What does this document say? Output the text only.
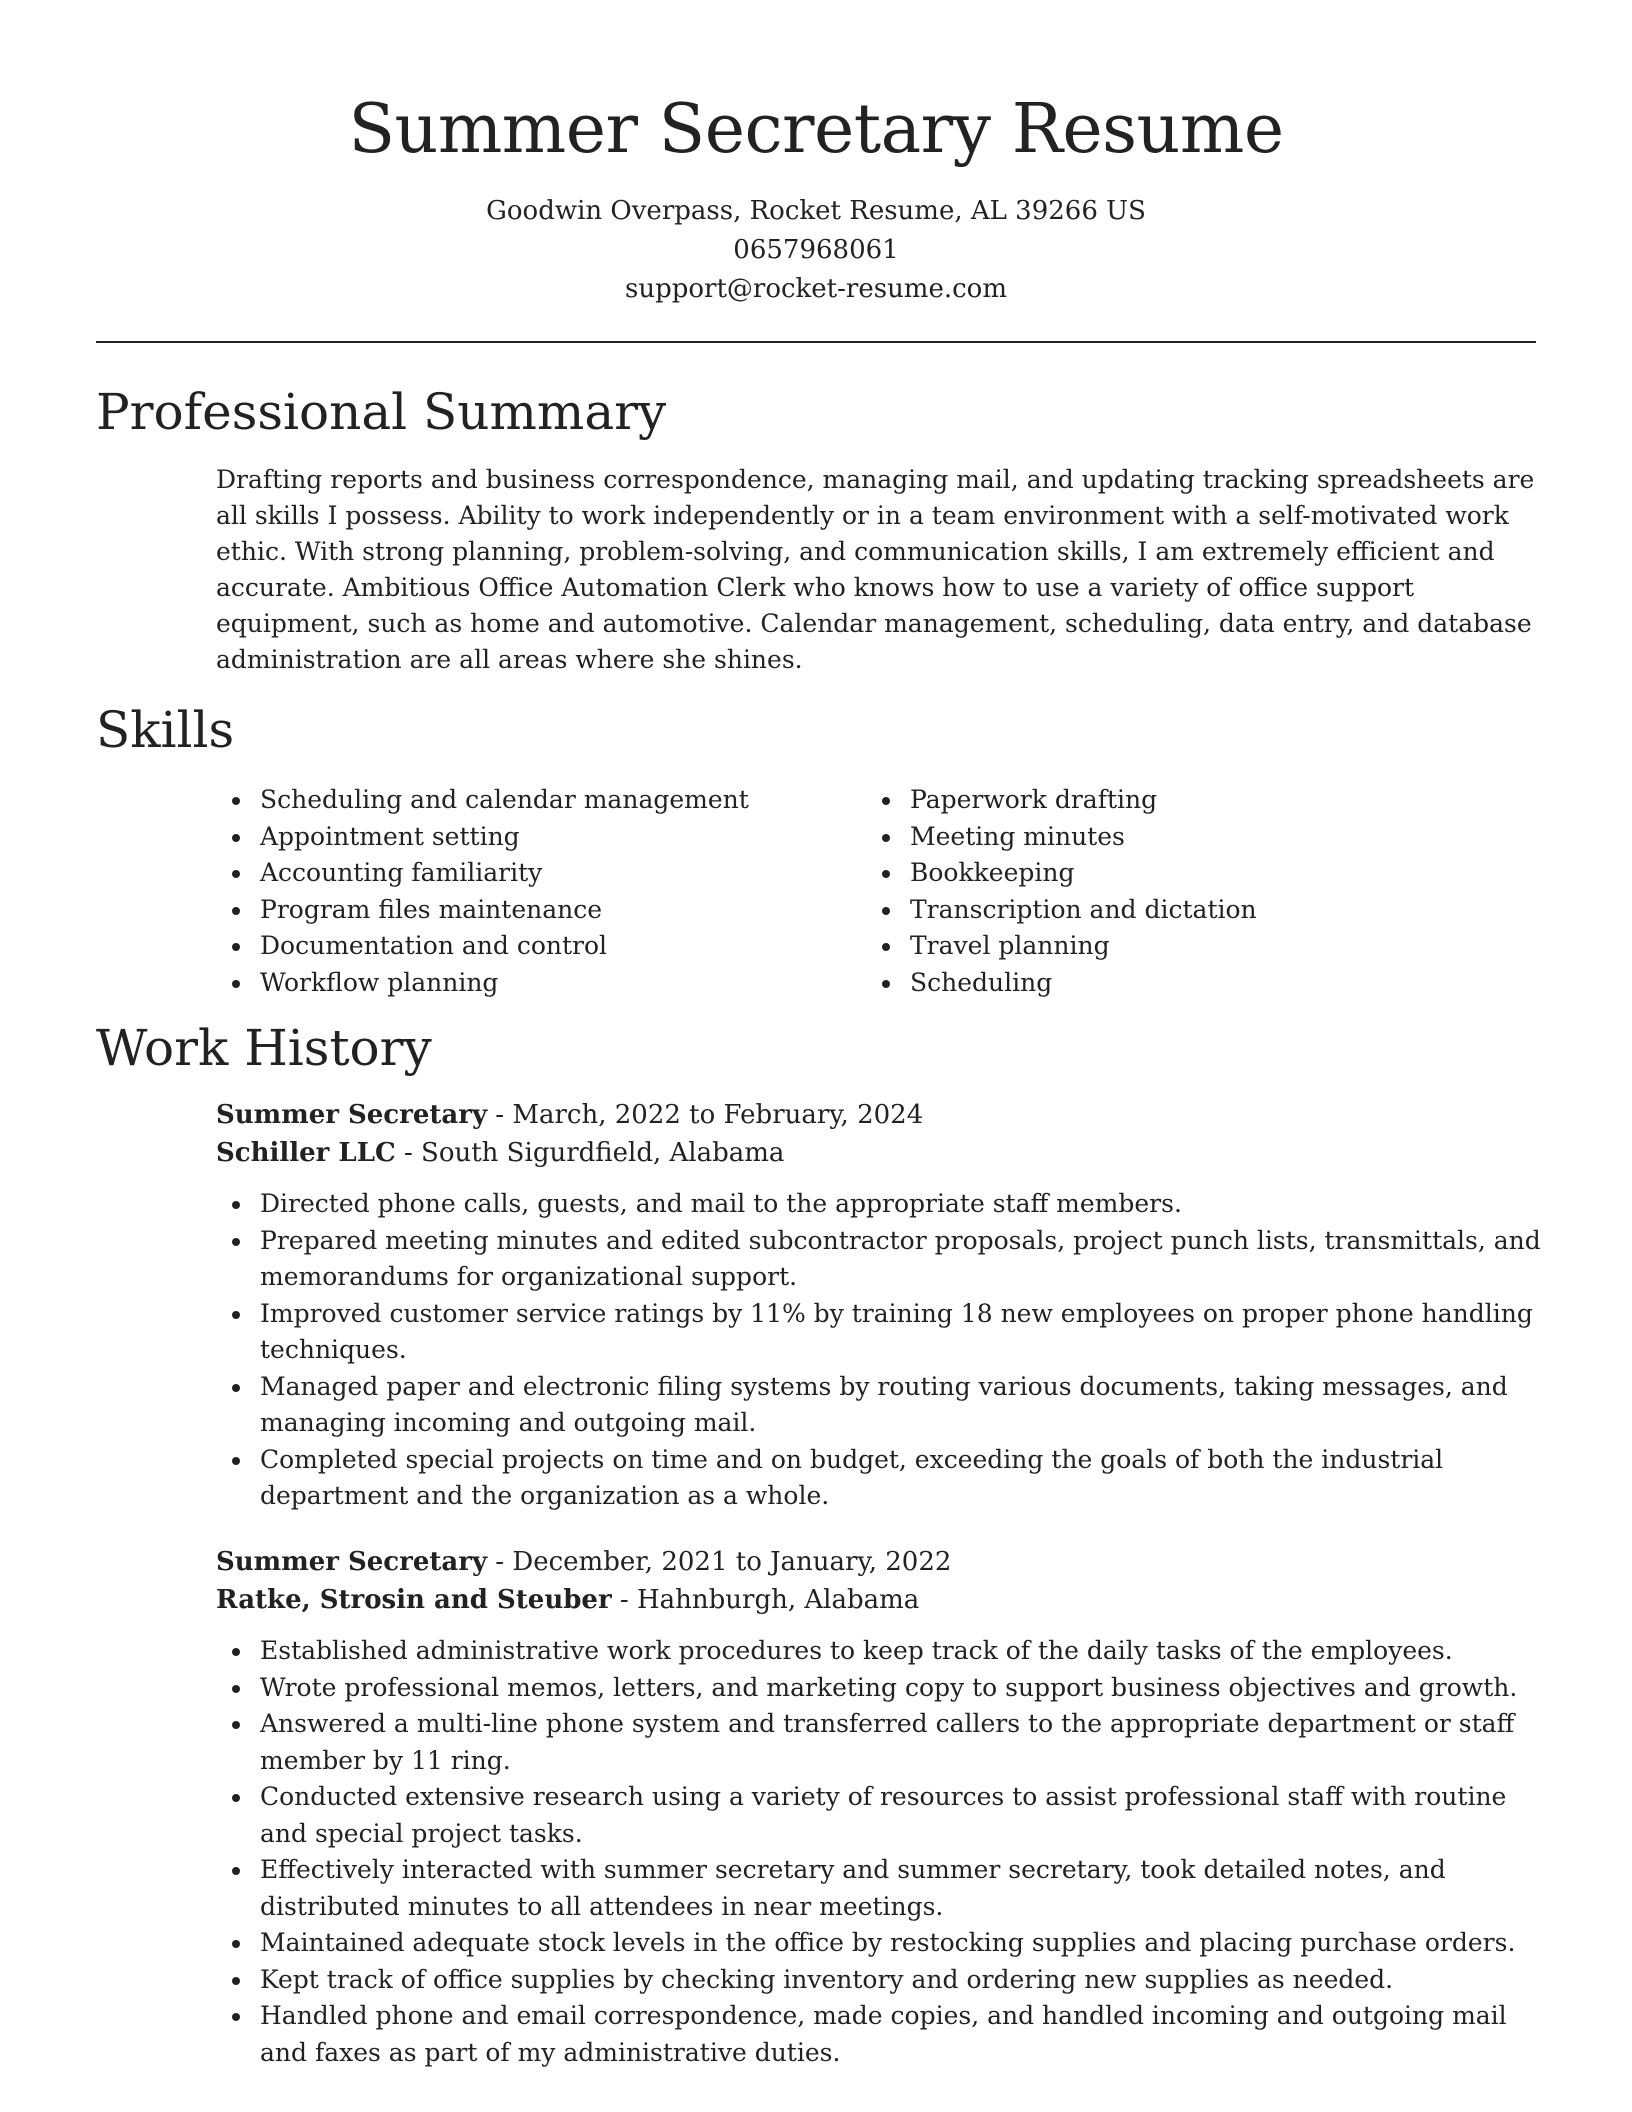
Summer Secretary Resume
Goodwin Overpass, Rocket Resume, AL 39266 US
0657968061
support@rocket-resume.com
Professional Summary

Drafting reports and business correspondence, managing mail, and updating tracking spreadsheets are all skills I possess. Ability to work independently or in a team environment with a self-motivated work ethic. With strong planning, problem-solving, and communication skills, I am extremely efficient and accurate. Ambitious Office Automation Clerk who knows how to use a variety of office support equipment, such as home and automotive. Calendar management, scheduling, data entry, and database administration are all areas where she shines.

Skills
Scheduling and calendar management
Appointment setting
Accounting familiarity
Program files maintenance
Documentation and control
Workflow planning
Paperwork drafting
Meeting minutes
Bookkeeping
Transcription and dictation
Travel planning
Scheduling
Work History
Summer Secretary - March, 2022 to February, 2024
Schiller LLC - South Sigurdfield, Alabama
Directed phone calls, guests, and mail to the appropriate staff members.
Prepared meeting minutes and edited subcontractor proposals, project punch lists, transmittals, and memorandums for organizational support.
Improved customer service ratings by 11% by training 18 new employees on proper phone handling techniques.
Managed paper and electronic filing systems by routing various documents, taking messages, and managing incoming and outgoing mail.
Completed special projects on time and on budget, exceeding the goals of both the industrial department and the organization as a whole.
Summer Secretary - December, 2021 to January, 2022
Ratke, Strosin and Steuber - Hahnburgh, Alabama
Established administrative work procedures to keep track of the daily tasks of the employees.
Wrote professional memos, letters, and marketing copy to support business objectives and growth.
Answered a multi-line phone system and transferred callers to the appropriate department or staff member by 11 ring.
Conducted extensive research using a variety of resources to assist professional staff with routine and special project tasks.
Effectively interacted with summer secretary and summer secretary, took detailed notes, and distributed minutes to all attendees in near meetings.
Maintained adequate stock levels in the office by restocking supplies and placing purchase orders.
Kept track of office supplies by checking inventory and ordering new supplies as needed.
Handled phone and email correspondence, made copies, and handled incoming and outgoing mail and faxes as part of my administrative duties.
